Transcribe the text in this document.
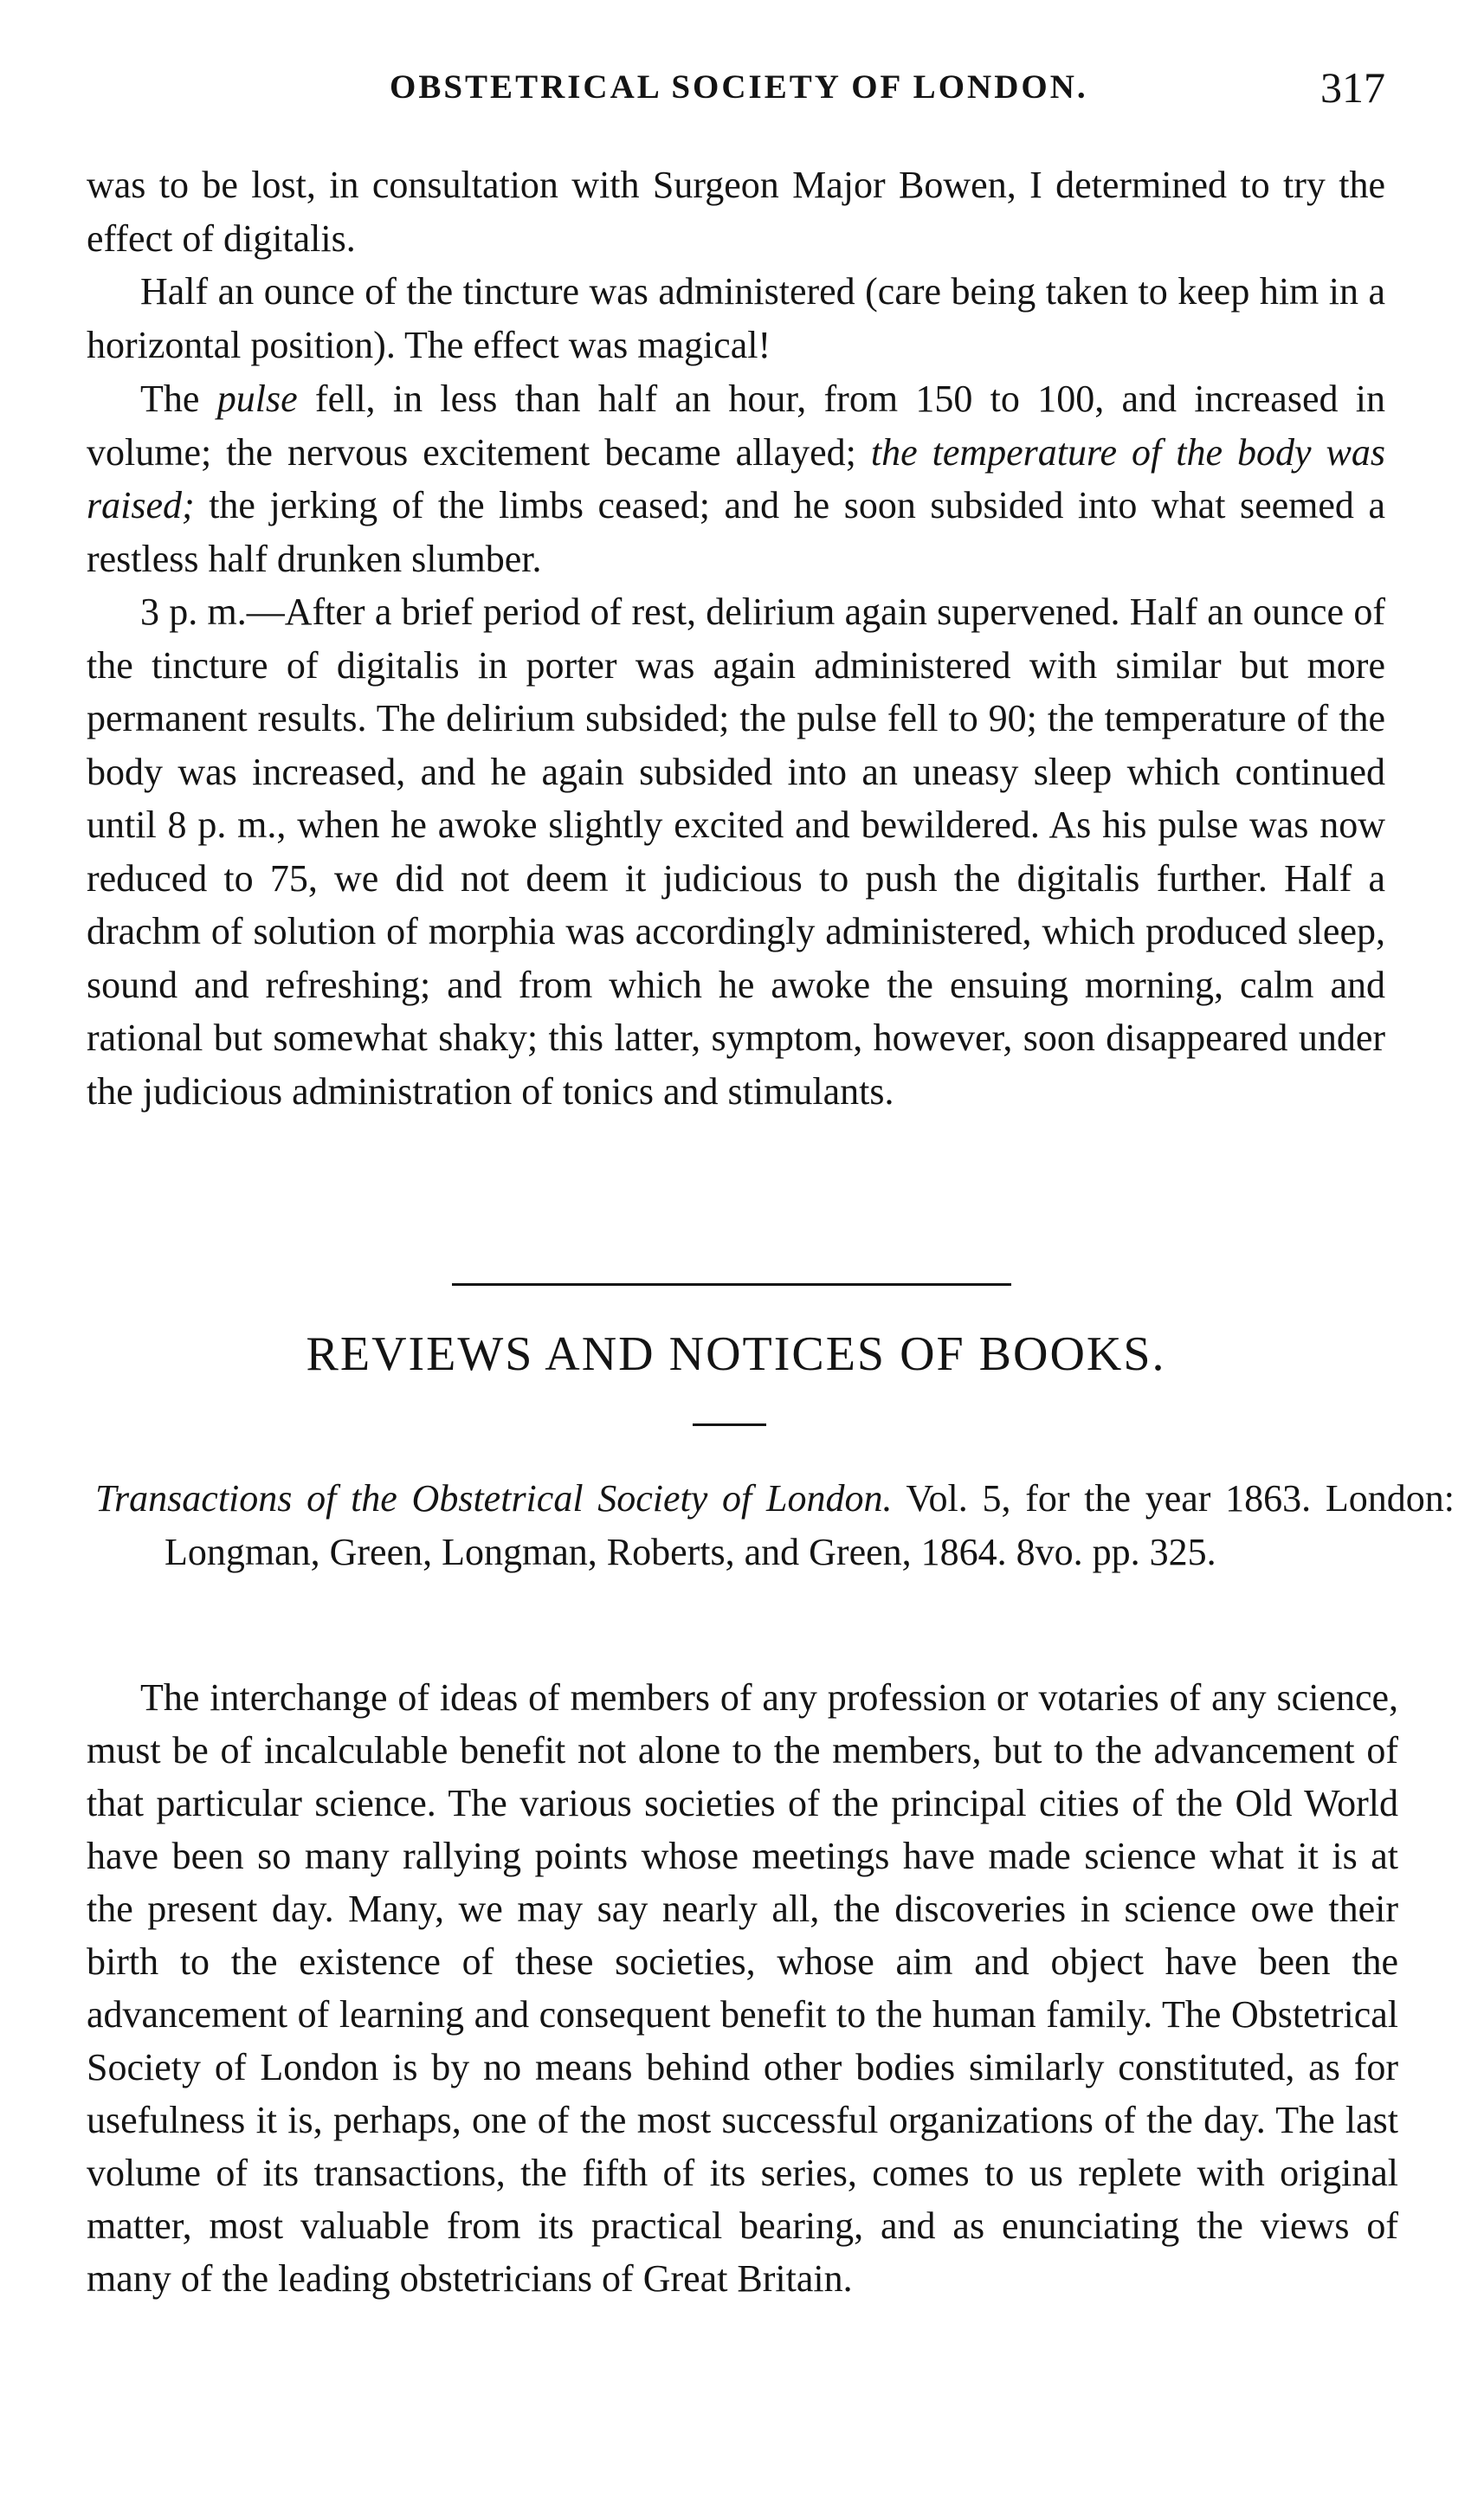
OBSTETRICAL SOCIETY OF LONDON.	317

was to be lost, in consultation with Surgeon Major Bowen, I determined to try the effect of digitalis.

Half an ounce of the tincture was administered (care being taken to keep him in a horizontal position). The effect was magical!

The pulse fell, in less than half an hour, from 150 to 100, and increased in volume; the nervous excitement became allayed; the temperature of the body was raised; the jerking of the limbs ceased; and he soon subsided into what seemed a restless half drunken slumber.

3 p. m.—After a brief period of rest, delirium again supervened. Half an ounce of the tincture of digitalis in porter was again administered with similar but more permanent results. The delirium subsided; the pulse fell to 90; the temperature of the body was increased, and he again subsided into an uneasy sleep which continued until 8 p. m., when he awoke slightly excited and bewildered. As his pulse was now reduced to 75, we did not deem it judicious to push the digitalis further. Half a drachm of solution of morphia was accordingly administered, which produced sleep, sound and refreshing; and from which he awoke the ensuing morning, calm and rational but somewhat shaky; this latter, symptom, however, soon disappeared under the judicious administration of tonics and stimulants.

REVIEWS AND NOTICES OF BOOKS.

Transactions of the Obstetrical Society of London. Vol. 5, for the year 1863. London: Longman, Green, Longman, Roberts, and Green, 1864. 8vo. pp. 325.

The interchange of ideas of members of any profession or votaries of any science, must be of incalculable benefit not alone to the members, but to the advancement of that particular science. The various societies of the principal cities of the Old World have been so many rallying points whose meetings have made science what it is at the present day. Many, we may say nearly all, the discoveries in science owe their birth to the existence of these societies, whose aim and object have been the advancement of learning and consequent benefit to the human family. The Obstetrical Society of London is by no means behind other bodies similarly constituted, as for usefulness it is, perhaps, one of the most successful organizations of the day. The last volume of its transactions, the fifth of its series, comes to us replete with original matter, most valuable from its practical bearing, and as enunciating the views of many of the leading obstetricians of Great Britain.
